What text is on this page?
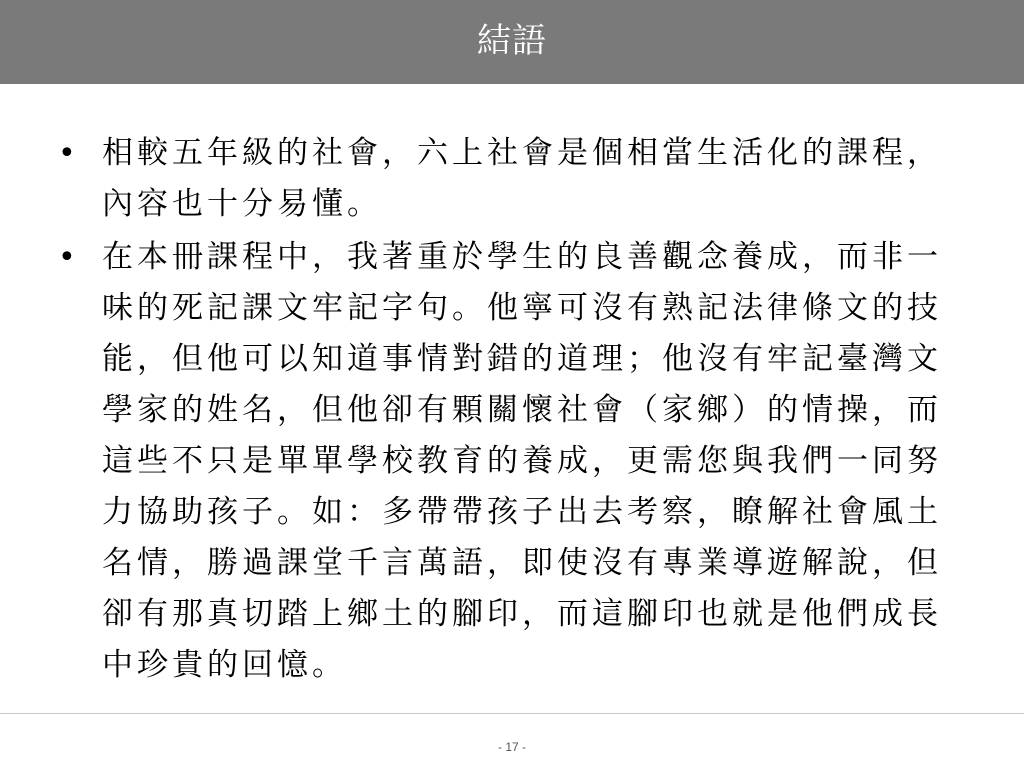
結語
• 相較五年級的社會，六上社會是個相當生活化的課程，內容也十分易懂。
• 在本冊課程中，我著重於學生的良善觀念養成，而非一味的死記課文牢記字句。他寧可沒有熟記法律條文的技能，但他可以知道事情對錯的道理；他沒有牢記臺灣文學家的姓名，但他卻有顆關懷社會（家鄉）的情操，而這些不只是單單學校教育的養成，更需您與我們一同努力協助孩子。如：多帶帶孩子出去考察，瞭解社會風土名情，勝過課堂千言萬語，即使沒有專業導遊解說，但卻有那真切踏上鄉土的腳印，而這腳印也就是他們成長中珍貴的回憶。
- 17 -
